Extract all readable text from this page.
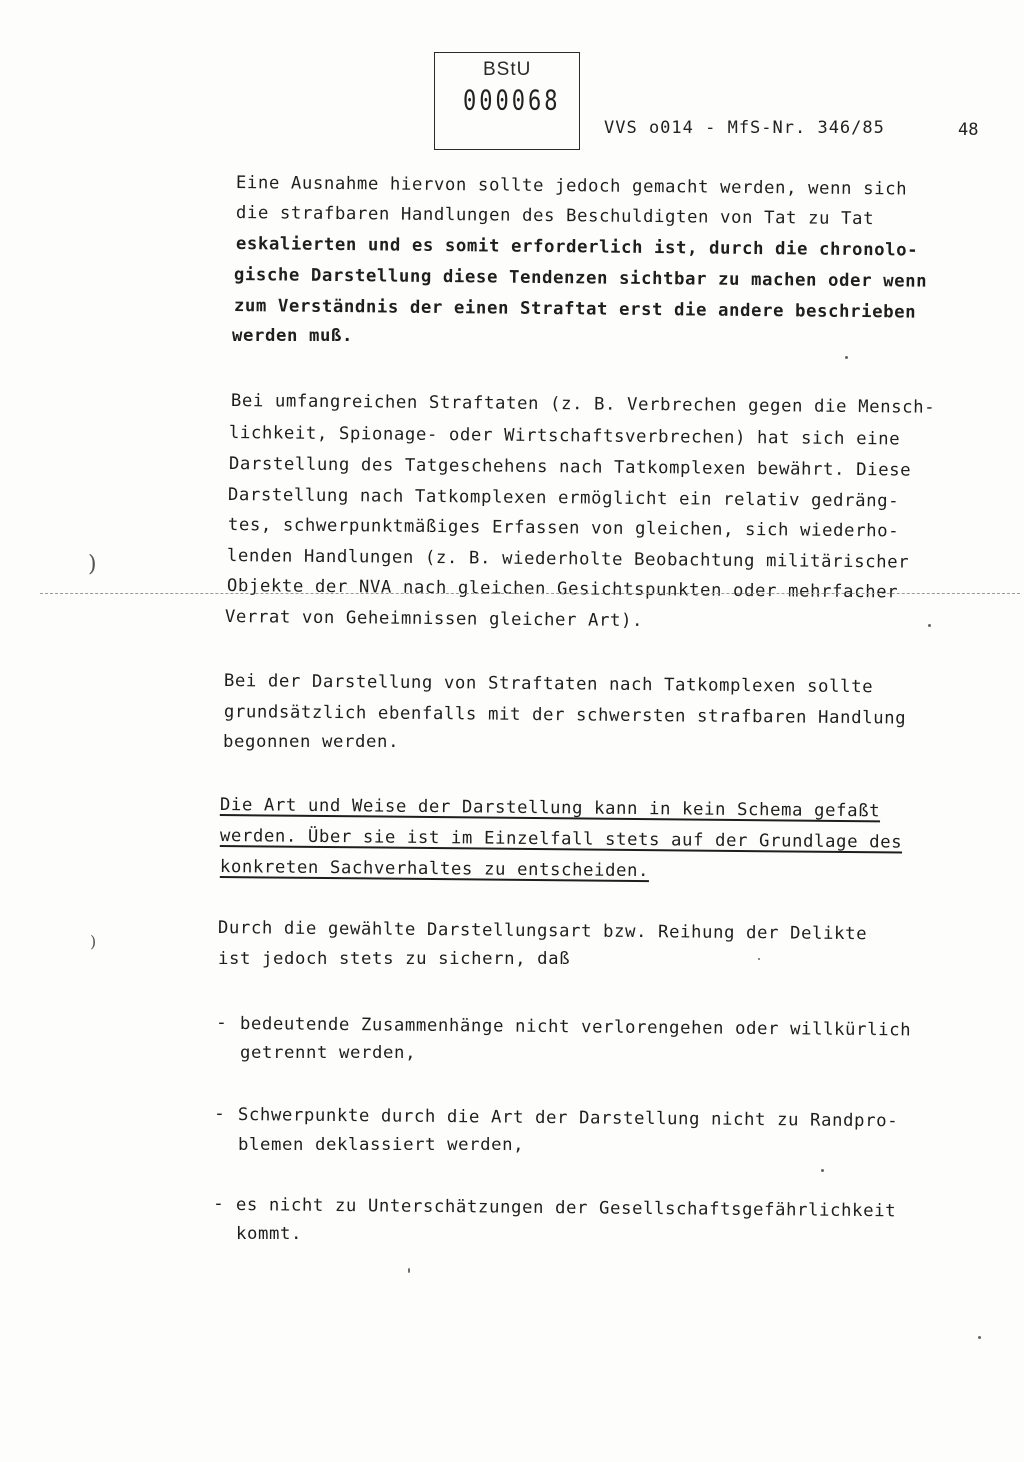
BStU
000068
VVS o014 - MfS-Nr. 346/85	48
Eine Ausnahme hiervon sollte jedoch gemacht werden, wenn sich
die strafbaren Handlungen des Beschuldigten von Tat zu Tat
eskalierten und es somit erforderlich ist, durch die chronolo-
gische Darstellung diese Tendenzen sichtbar zu machen oder wenn
zum Verständnis der einen Straftat erst die andere beschrieben
werden muß.
Bei umfangreichen Straftaten (z. B. Verbrechen gegen die Mensch-
lichkeit, Spionage- oder Wirtschaftsverbrechen) hat sich eine
Darstellung des Tatgeschehens nach Tatkomplexen bewährt. Diese
Darstellung nach Tatkomplexen ermöglicht ein relativ gedräng-
tes, schwerpunktmäßiges Erfassen von gleichen, sich wiederho-
lenden Handlungen (z. B. wiederholte Beobachtung militärischer
Objekte der NVA nach gleichen Gesichtspunkten oder mehrfacher
Verrat von Geheimnissen gleicher Art).
Bei der Darstellung von Straftaten nach Tatkomplexen sollte
grundsätzlich ebenfalls mit der schwersten strafbaren Handlung
begonnen werden.
Die Art und Weise der Darstellung kann in kein Schema gefaßt
werden. Über sie ist im Einzelfall stets auf der Grundlage des
konkreten Sachverhaltes zu entscheiden.
Durch die gewählte Darstellungsart bzw. Reihung der Delikte
ist jedoch stets zu sichern, daß
- bedeutende Zusammenhänge nicht verlorengehen oder willkürlich
getrennt werden,
- Schwerpunkte durch die Art der Darstellung nicht zu Randpro-
blemen deklassiert werden,
- es nicht zu Unterschätzungen der Gesellschaftsgefährlichkeit
kommt.
)
)
